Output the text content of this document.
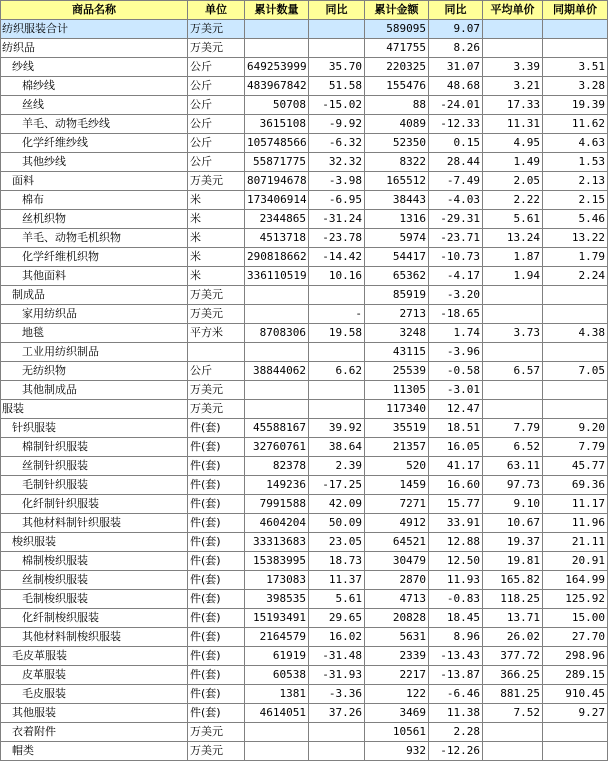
商品名称	单位	累计数量	同比	累计金额	同比	平均单价	同期单价
纺织服装合计	万美元			589095	9.07		
纺织品	万美元			471755	8.26		
纱线	公斤	649253999	35.70	220325	31.07	3.39	3.51
棉纱线	公斤	483967842	51.58	155476	48.68	3.21	3.28
丝线	公斤	50708	-15.02	88	-24.01	17.33	19.39
羊毛、动物毛纱线	公斤	3615108	-9.92	4089	-12.33	11.31	11.62
化学纤维纱线	公斤	105748566	-6.32	52350	0.15	4.95	4.63
其他纱线	公斤	55871775	32.32	8322	28.44	1.49	1.53
面料	万美元	807194678	-3.98	165512	-7.49	2.05	2.13
棉布	米	173406914	-6.95	38443	-4.03	2.22	2.15
丝机织物	米	2344865	-31.24	1316	-29.31	5.61	5.46
羊毛、动物毛机织物	米	4513718	-23.78	5974	-23.71	13.24	13.22
化学纤维机织物	米	290818662	-14.42	54417	-10.73	1.87	1.79
其他面料	米	336110519	10.16	65362	-4.17	1.94	2.24
制成品	万美元			85919	-3.20		
家用纺织品	万美元		-	2713	-18.65		
地毯	平方米	8708306	19.58	3248	1.74	3.73	4.38
工业用纺织制品				43115	-3.96		
无纺织物	公斤	38844062	6.62	25539	-0.58	6.57	7.05
其他制成品	万美元			11305	-3.01		
服装	万美元			117340	12.47		
针织服装	件(套)	45588167	39.92	35519	18.51	7.79	9.20
棉制针织服装	件(套)	32760761	38.64	21357	16.05	6.52	7.79
丝制针织服装	件(套)	82378	2.39	520	41.17	63.11	45.77
毛制针织服装	件(套)	149236	-17.25	1459	16.60	97.73	69.36
化纤制针织服装	件(套)	7991588	42.09	7271	15.77	9.10	11.17
其他材料制针织服装	件(套)	4604204	50.09	4912	33.91	10.67	11.96
梭织服装	件(套)	33313683	23.05	64521	12.88	19.37	21.11
棉制梭织服装	件(套)	15383995	18.73	30479	12.50	19.81	20.91
丝制梭织服装	件(套)	173083	11.37	2870	11.93	165.82	164.99
毛制梭织服装	件(套)	398535	5.61	4713	-0.83	118.25	125.92
化纤制梭织服装	件(套)	15193491	29.65	20828	18.45	13.71	15.00
其他材料制梭织服装	件(套)	2164579	16.02	5631	8.96	26.02	27.70
毛皮革服装	件(套)	61919	-31.48	2339	-13.43	377.72	298.96
皮革服装	件(套)	60538	-31.93	2217	-13.87	366.25	289.15
毛皮服装	件(套)	1381	-3.36	122	-6.46	881.25	910.45
其他服装	件(套)	4614051	37.26	3469	11.38	7.52	9.27
衣着附件	万美元			10561	2.28		
帽类	万美元			932	-12.26		
